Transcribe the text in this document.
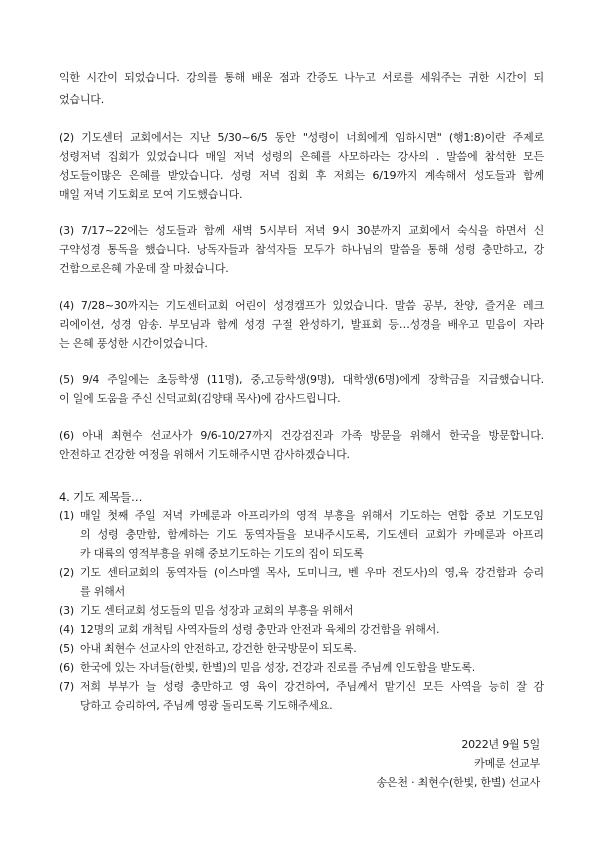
익한 시간이 되었습니다. 강의를 통해 배운 점과 간증도 나누고 서로를 세워주는 귀한 시간이 되
었습니다.
(2) 기도센터 교회에서는 지난 5/30~6/5 동안 "성령이 너희에게 임하시면" (행1:8)이란 주제로
성령저녁 집회가 있었습니다 매일 저녁 성령의 은혜를 사모하라는 강사의 . 말씀에 참석한 모든
성도들이많은 은혜를 받았습니다. 성령 저녁 집회 후 저희는 6/19까지 계속해서 성도들과 함께
매일 저녁 기도회로 모여 기도했습니다.
(3) 7/17~22에는 성도들과 함께 새벽 5시부터 저녁 9시 30분까지 교회에서 숙식을 하면서 신
구약성경 통독을 했습니다. 낭독자들과 참석자들 모두가 하나님의 말씀을 통해 성령 충만하고, 강
건함으로은혜 가운데 잘 마쳤습니다.
(4) 7/28~30까지는 기도센터교회 어린이 성경캠프가 있었습니다. 말씀 공부, 찬양, 즐거운 레크
리에이션, 성경 암송. 부모님과 함께 성경 구절 완성하기, 발표회 등…성경을 배우고 믿음이 자라
는 은혜 풍성한 시간이었습니다.
(5) 9/4 주일에는 초등학생 (11명), 중,고등학생(9명), 대학생(6명)에게 장학금을 지급했습니다.
이 일에 도움을 주신 신덕교회(김양태 목사)에 감사드립니다.
(6) 아내 최현수 선교사가 9/6-10/27까지 건강검진과 가족 방문을 위해서 한국을 방문합니다.
안전하고 건강한 여정을 위해서 기도해주시면 감사하겠습니다.
4. 기도 제목들…
(1) 매일 첫째 주일 저녁 카메룬과 아프리카의 영적 부흥을 위해서 기도하는 연합 중보 기도모임
의 성령 충만함, 함께하는 기도 동역자들을 보내주시도록, 기도센터 교회가 카메룬과 아프리
카 대륙의 영적부흥을 위해 중보기도하는 기도의 집이 되도록
(2) 기도 센터교회의 동역자들 (이스마엘 목사, 도미니크, 벤 우마 전도사)의 영,육 강건함과 승리
를 위해서
(3) 기도 센터교회 성도들의 믿음 성장과 교회의 부흥을 위해서
(4) 12명의 교회 개척팀 사역자들의 성령 충만과 안전과 육체의 강건함을 위해서.
(5) 아내 최현수 선교사의 안전하고, 강건한 한국방문이 되도록.
(6) 한국에 있는 자녀들(한빛, 한별)의 믿음 성장, 건강과 진로를 주님께 인도함을 받도록.
(7) 저희 부부가 늘 성령 충만하고 영 육이 강건하여, 주님께서 맡기신 모든 사역을 능히 잘 감
당하고 승리하여, 주님께 영광 돌리도록 기도해주세요.
2022년 9월 5일
카메룬 선교부
송은천 · 최현수(한빛, 한별) 선교사
